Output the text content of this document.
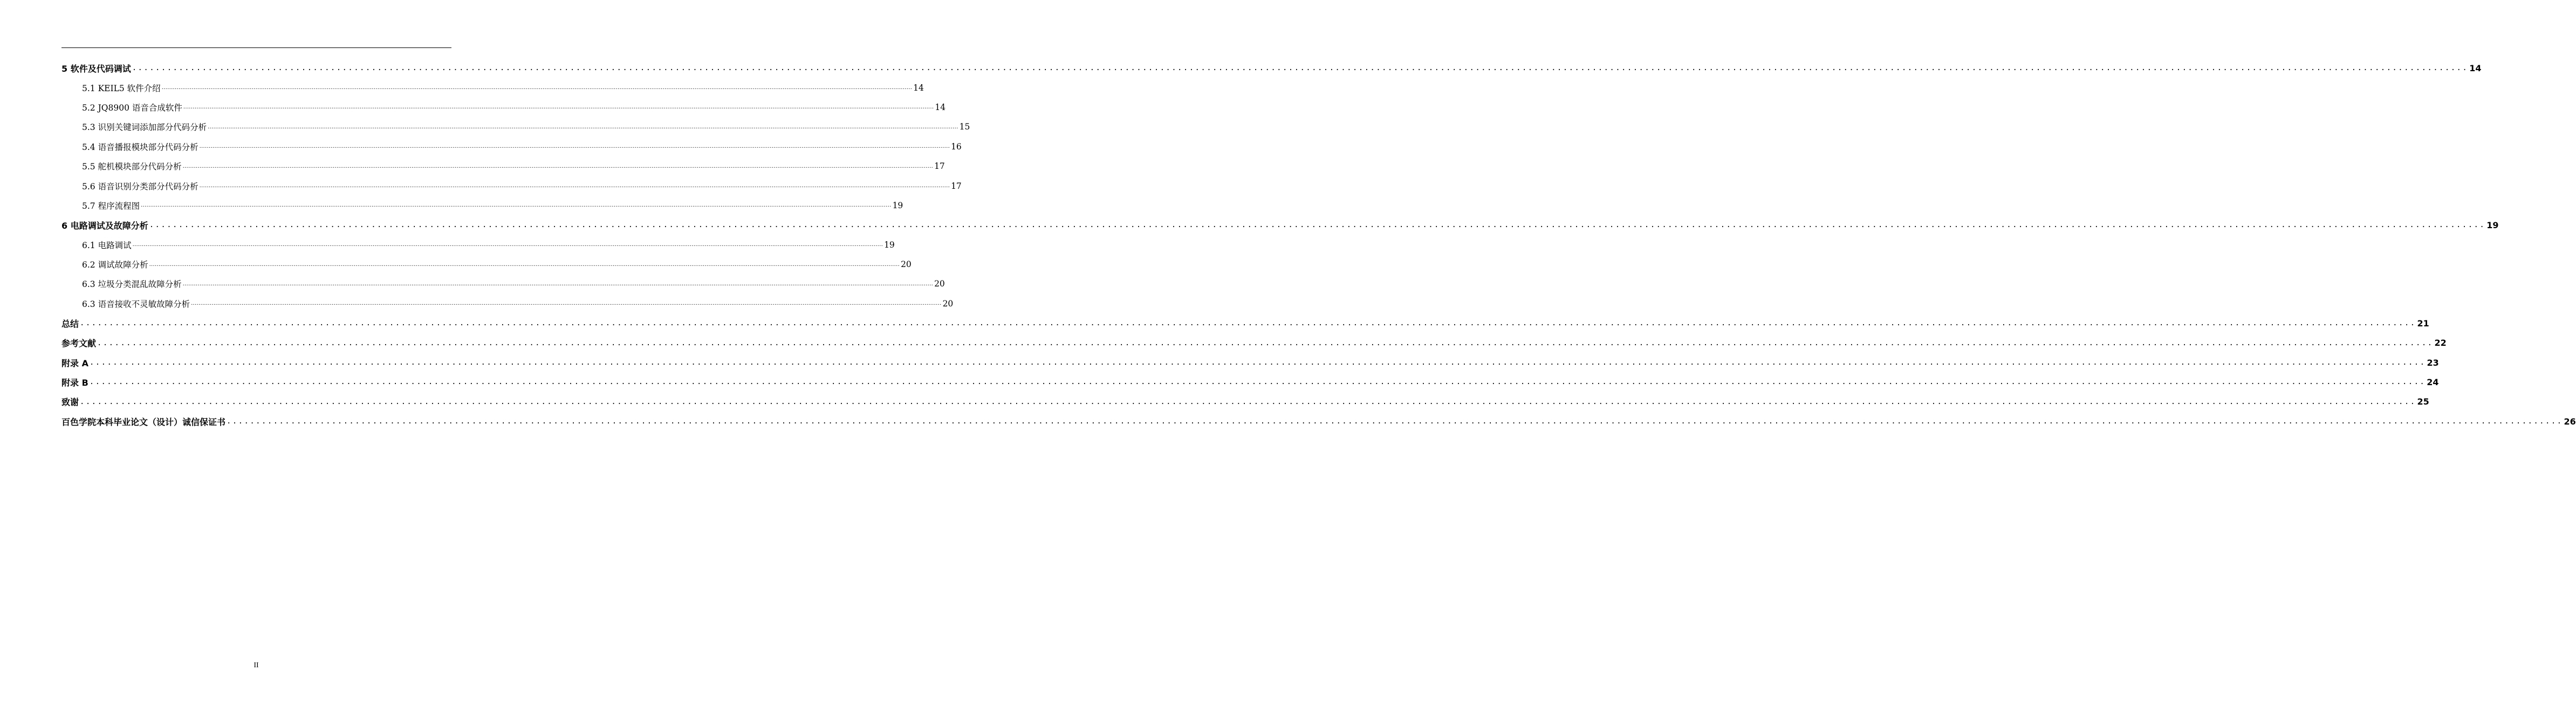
5 软件及代码调试 ................................................................................................................................................................................................................................................................................................................................................................................................................ 14
5.1 KEIL5 软件介绍 ................................................................................................................................................................................................................................................................................................................................................................................................................ 14
5.2 JQ8900 语音合成软件 ................................................................................................................................................................................................................................................................................................................................................................................................................ 14
5.3 识别关键词添加部分代码分析 ................................................................................................................................................................................................................................................................................................................................................................................................................ 15
5.4 语音播报模块部分代码分析 ................................................................................................................................................................................................................................................................................................................................................................................................................ 16
5.5 舵机模块部分代码分析 ................................................................................................................................................................................................................................................................................................................................................................................................................ 17
5.6 语音识别分类部分代码分析 ................................................................................................................................................................................................................................................................................................................................................................................................................ 17
5.7 程序流程图 ................................................................................................................................................................................................................................................................................................................................................................................................................ 19
6 电路调试及故障分析 ................................................................................................................................................................................................................................................................................................................................................................................................................ 19
6.1 电路调试 ................................................................................................................................................................................................................................................................................................................................................................................................................ 19
6.2 调试故障分析 ................................................................................................................................................................................................................................................................................................................................................................................................................ 20
6.3 垃圾分类混乱故障分析 ................................................................................................................................................................................................................................................................................................................................................................................................................ 20
6.3 语音接收不灵敏故障分析 ................................................................................................................................................................................................................................................................................................................................................................................................................ 20
总结 ................................................................................................................................................................................................................................................................................................................................................................................................................ 21
参考文献 ................................................................................................................................................................................................................................................................................................................................................................................................................ 22
附录 A ................................................................................................................................................................................................................................................................................................................................................................................................................ 23
附录 B ................................................................................................................................................................................................................................................................................................................................................................................................................ 24
致谢 ................................................................................................................................................................................................................................................................................................................................................................................................................ 25
百色学院本科毕业论文（设计）诚信保证书 ................................................................................................................................................................................................................................................................................................................................................................................................................ 26
II
